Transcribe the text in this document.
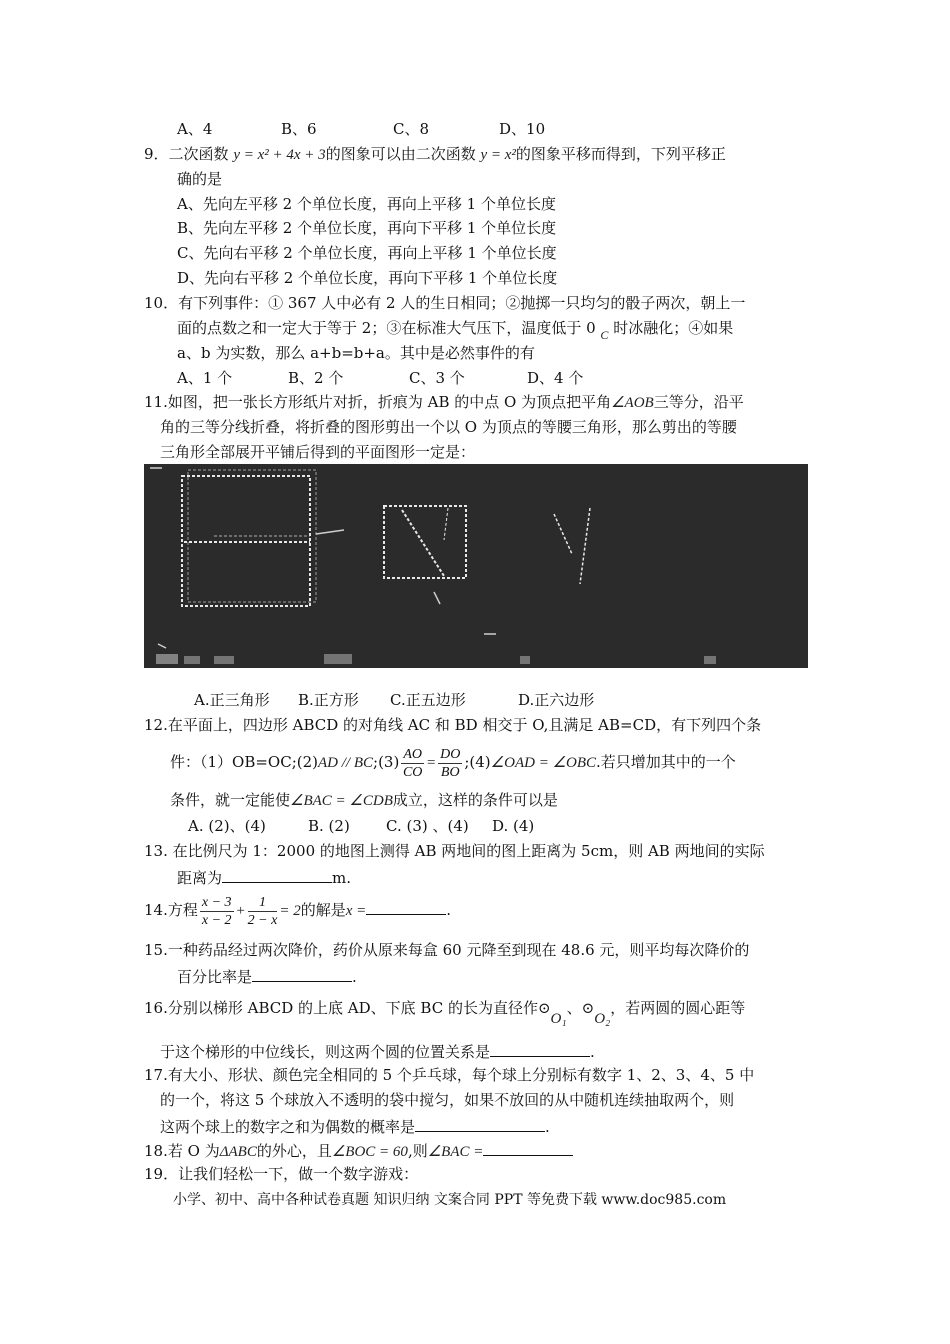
A、4	B、6	C、8	D、10
9．二次函数 y = x² + 4x + 3的图象可以由二次函数 y = x²的图象平移而得到，下列平移正
确的是
A、先向左平移 2 个单位长度，再向上平移 1 个单位长度
B、先向左平移 2 个单位长度，再向下平移 1 个单位长度
C、先向右平移 2 个单位长度，再向上平移 1 个单位长度
D、先向右平移 2 个单位长度，再向下平移 1 个单位长度
10．有下列事件：① 367 人中必有 2 人的生日相同；②抛掷一只均匀的骰子两次，朝上一
面的点数之和一定大于等于 2；③在标准大气压下，温度低于 0 $_C$ 时冰融化；④如果
a、b 为实数，那么 a+b=b+a。其中是必然事件的有
A、1 个	B、2 个	C、3 个	D、4 个
11.如图，把一张长方形纸片对折，折痕为 AB 的中点 O 为顶点把平角∠AOB三等分，沿平
角的三等分线折叠，将折叠的图形剪出一个以 O 为顶点的等腰三角形，那么剪出的等腰
三角形全部展开平铺后得到的平面图形一定是：
A.正三角形 B.正方形 C.正五边形	D.正六边形
12.在平面上，四边形 ABCD 的对角线 AC 和 BD 相交于 O,且满足 AB=CD，有下列四个条
件：（1）OB=OC;(2)AD // BC;(3) $\frac{AO}{CO} = \frac{DO}{BO}$ ;(4)∠OAD = ∠OBC.若只增加其中的一个
条件，就一定能使∠BAC = ∠CDB成立，这样的条件可以是
A. (2)、(4)	B. (2) C. (3) 、(4) D. (4)
13. 在比例尺为 1：2000 的地图上测得 AB 两地间的图上距离为 5cm，则 AB 两地间的实际
距离为	m.
14.方程 $\frac{x - 3}{x - 2} + \frac{1}{2 - x} = 2$的解是x =	.
15.一种药品经过两次降价，药价从原来每盒 60 元降至到现在 48.6 元，则平均每次降价的
百分比率是	.
16.分别以梯形 ABCD 的上底 AD、下底 BC 的长为直径作⊙O₁、⊙O₂，若两圆的圆心距等
于这个梯形的中位线长，则这两个圆的位置关系是	.
17.有大小、形状、颜色完全相同的 5 个乒乓球，每个球上分别标有数字 1、2、3、4、5 中
的一个，将这 5 个球放入不透明的袋中搅匀，如果不放回的从中随机连续抽取两个，则
这两个球上的数字之和为偶数的概率是	.
18.若 O 为ΔABC的外心，且∠BOC = 60,则∠BAC =
19．让我们轻松一下，做一个数字游戏：
小学、初中、高中各种试卷真题 知识归纳 文案合同 PPT 等免费下载 www.doc985.com
